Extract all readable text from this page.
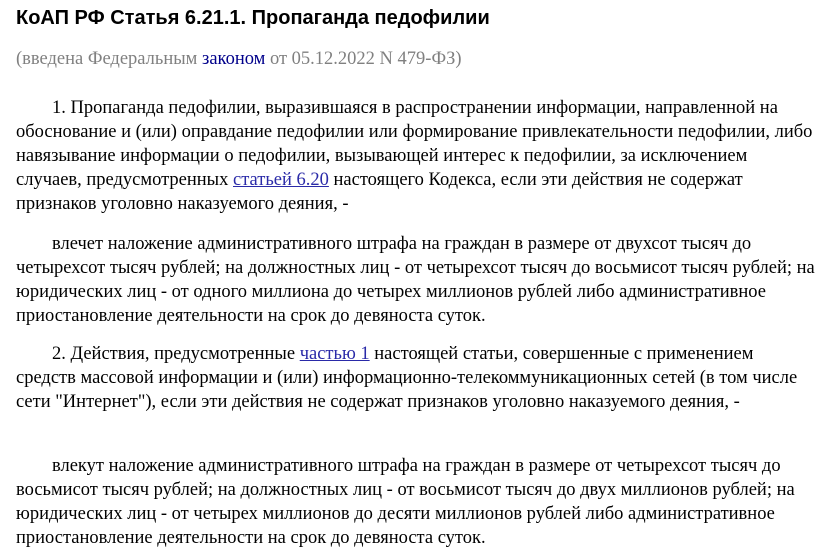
КоАП РФ Статья 6.21.1. Пропаганда педофилии

(введена Федеральным законом от 05.12.2022 N 479-ФЗ)

1. Пропаганда педофилии, выразившаяся в распространении информации, направленной на обоснование и (или) оправдание педофилии или формирование привлекательности педофилии, либо навязывание информации о педофилии, вызывающей интерес к педофилии, за исключением случаев, предусмотренных статьей 6.20 настоящего Кодекса, если эти действия не содержат признаков уголовно наказуемого деяния, -

влечет наложение административного штрафа на граждан в размере от двухсот тысяч до четырехсот тысяч рублей; на должностных лиц - от четырехсот тысяч до восьмисот тысяч рублей; на юридических лиц - от одного миллиона до четырех миллионов рублей либо административное приостановление деятельности на срок до девяноста суток.

2. Действия, предусмотренные частью 1 настоящей статьи, совершенные с применением средств массовой информации и (или) информационно-телекоммуникационных сетей (в том числе сети "Интернет"), если эти действия не содержат признаков уголовно наказуемого деяния, -

влекут наложение административного штрафа на граждан в размере от четырехсот тысяч до восьмисот тысяч рублей; на должностных лиц - от восьмисот тысяч до двух миллионов рублей; на юридических лиц - от четырех миллионов до десяти миллионов рублей либо административное приостановление деятельности на срок до девяноста суток.
